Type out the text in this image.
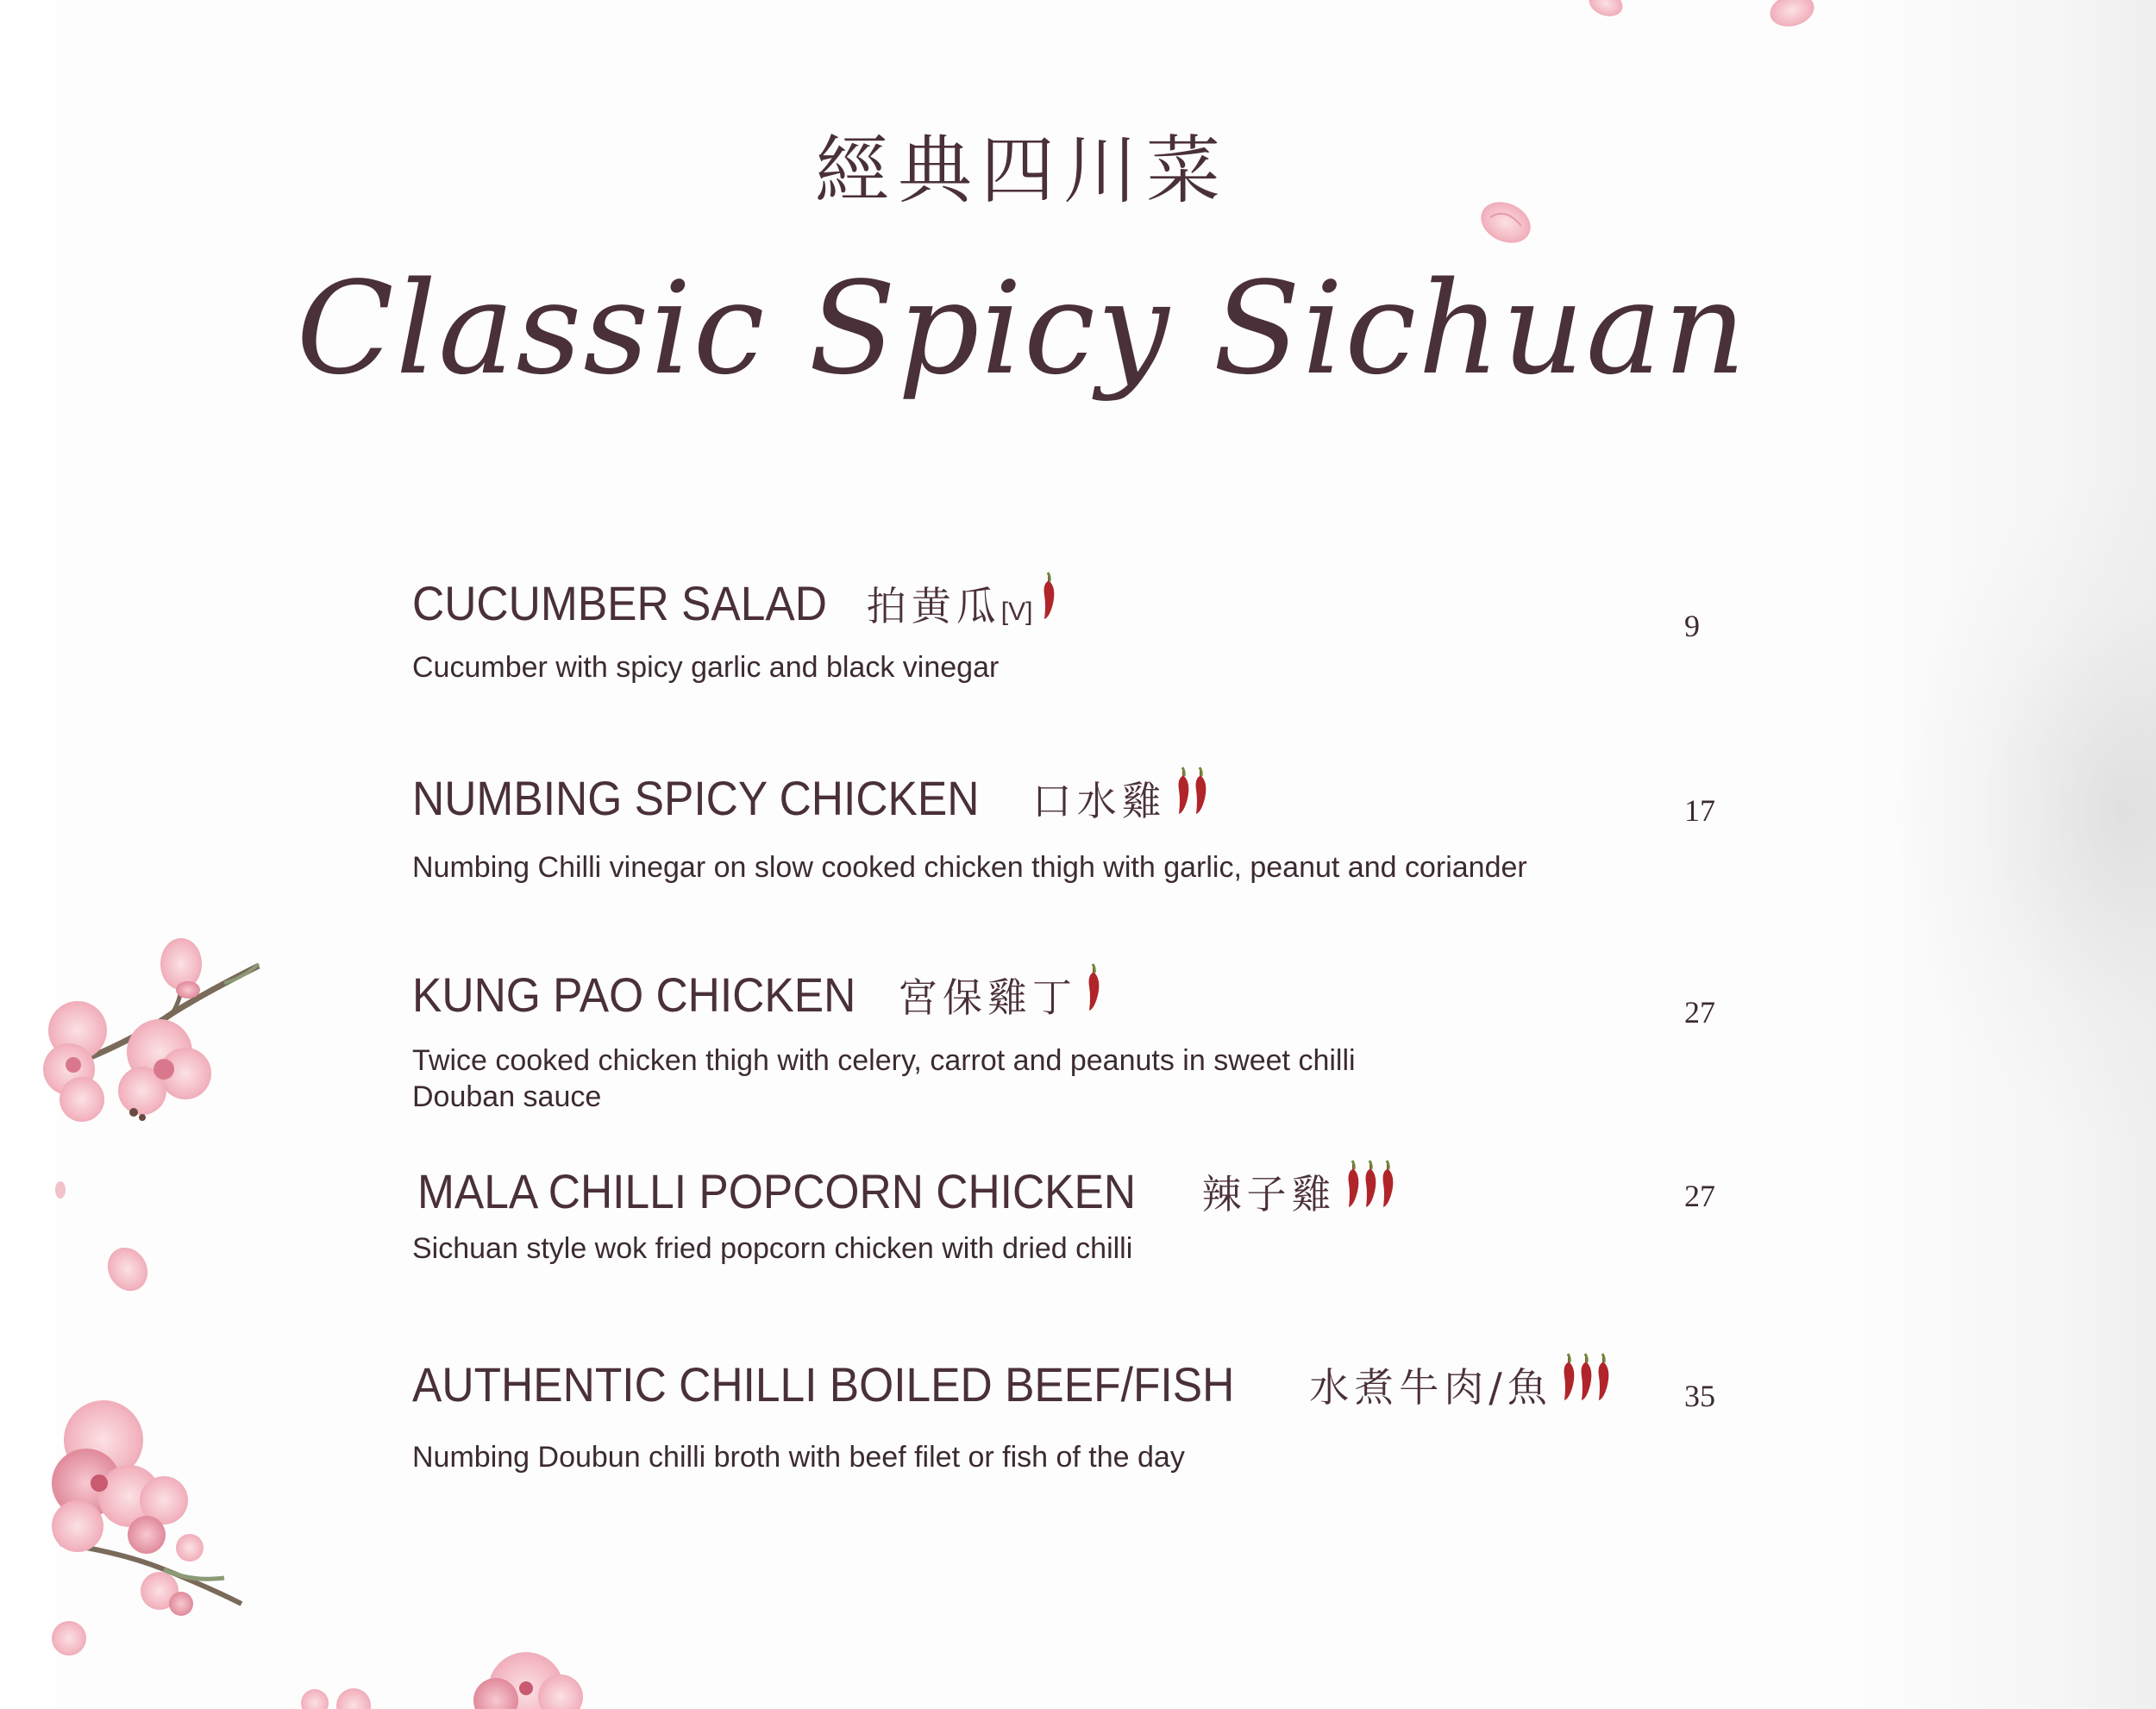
經典四川菜
Classic Spicy Sichuan
CUCUMBER SALAD 拍黄瓜[V]
Cucumber with spicy garlic and black vinegar
9
NUMBING SPICY CHICKEN 口水雞
Numbing Chilli vinegar on slow cooked chicken thigh with garlic, peanut and coriander
17
KUNG PAO CHICKEN 宮保雞丁
Twice cooked chicken thigh with celery, carrot and peanuts in sweet chilli
Douban sauce
27
MALA CHILLI POPCORN CHICKEN 辣子雞
Sichuan style wok fried popcorn chicken with dried chilli
27
AUTHENTIC CHILLI BOILED BEEF/FISH 水煮牛肉/魚
Numbing Doubun chilli broth with beef filet or fish of the day
35
